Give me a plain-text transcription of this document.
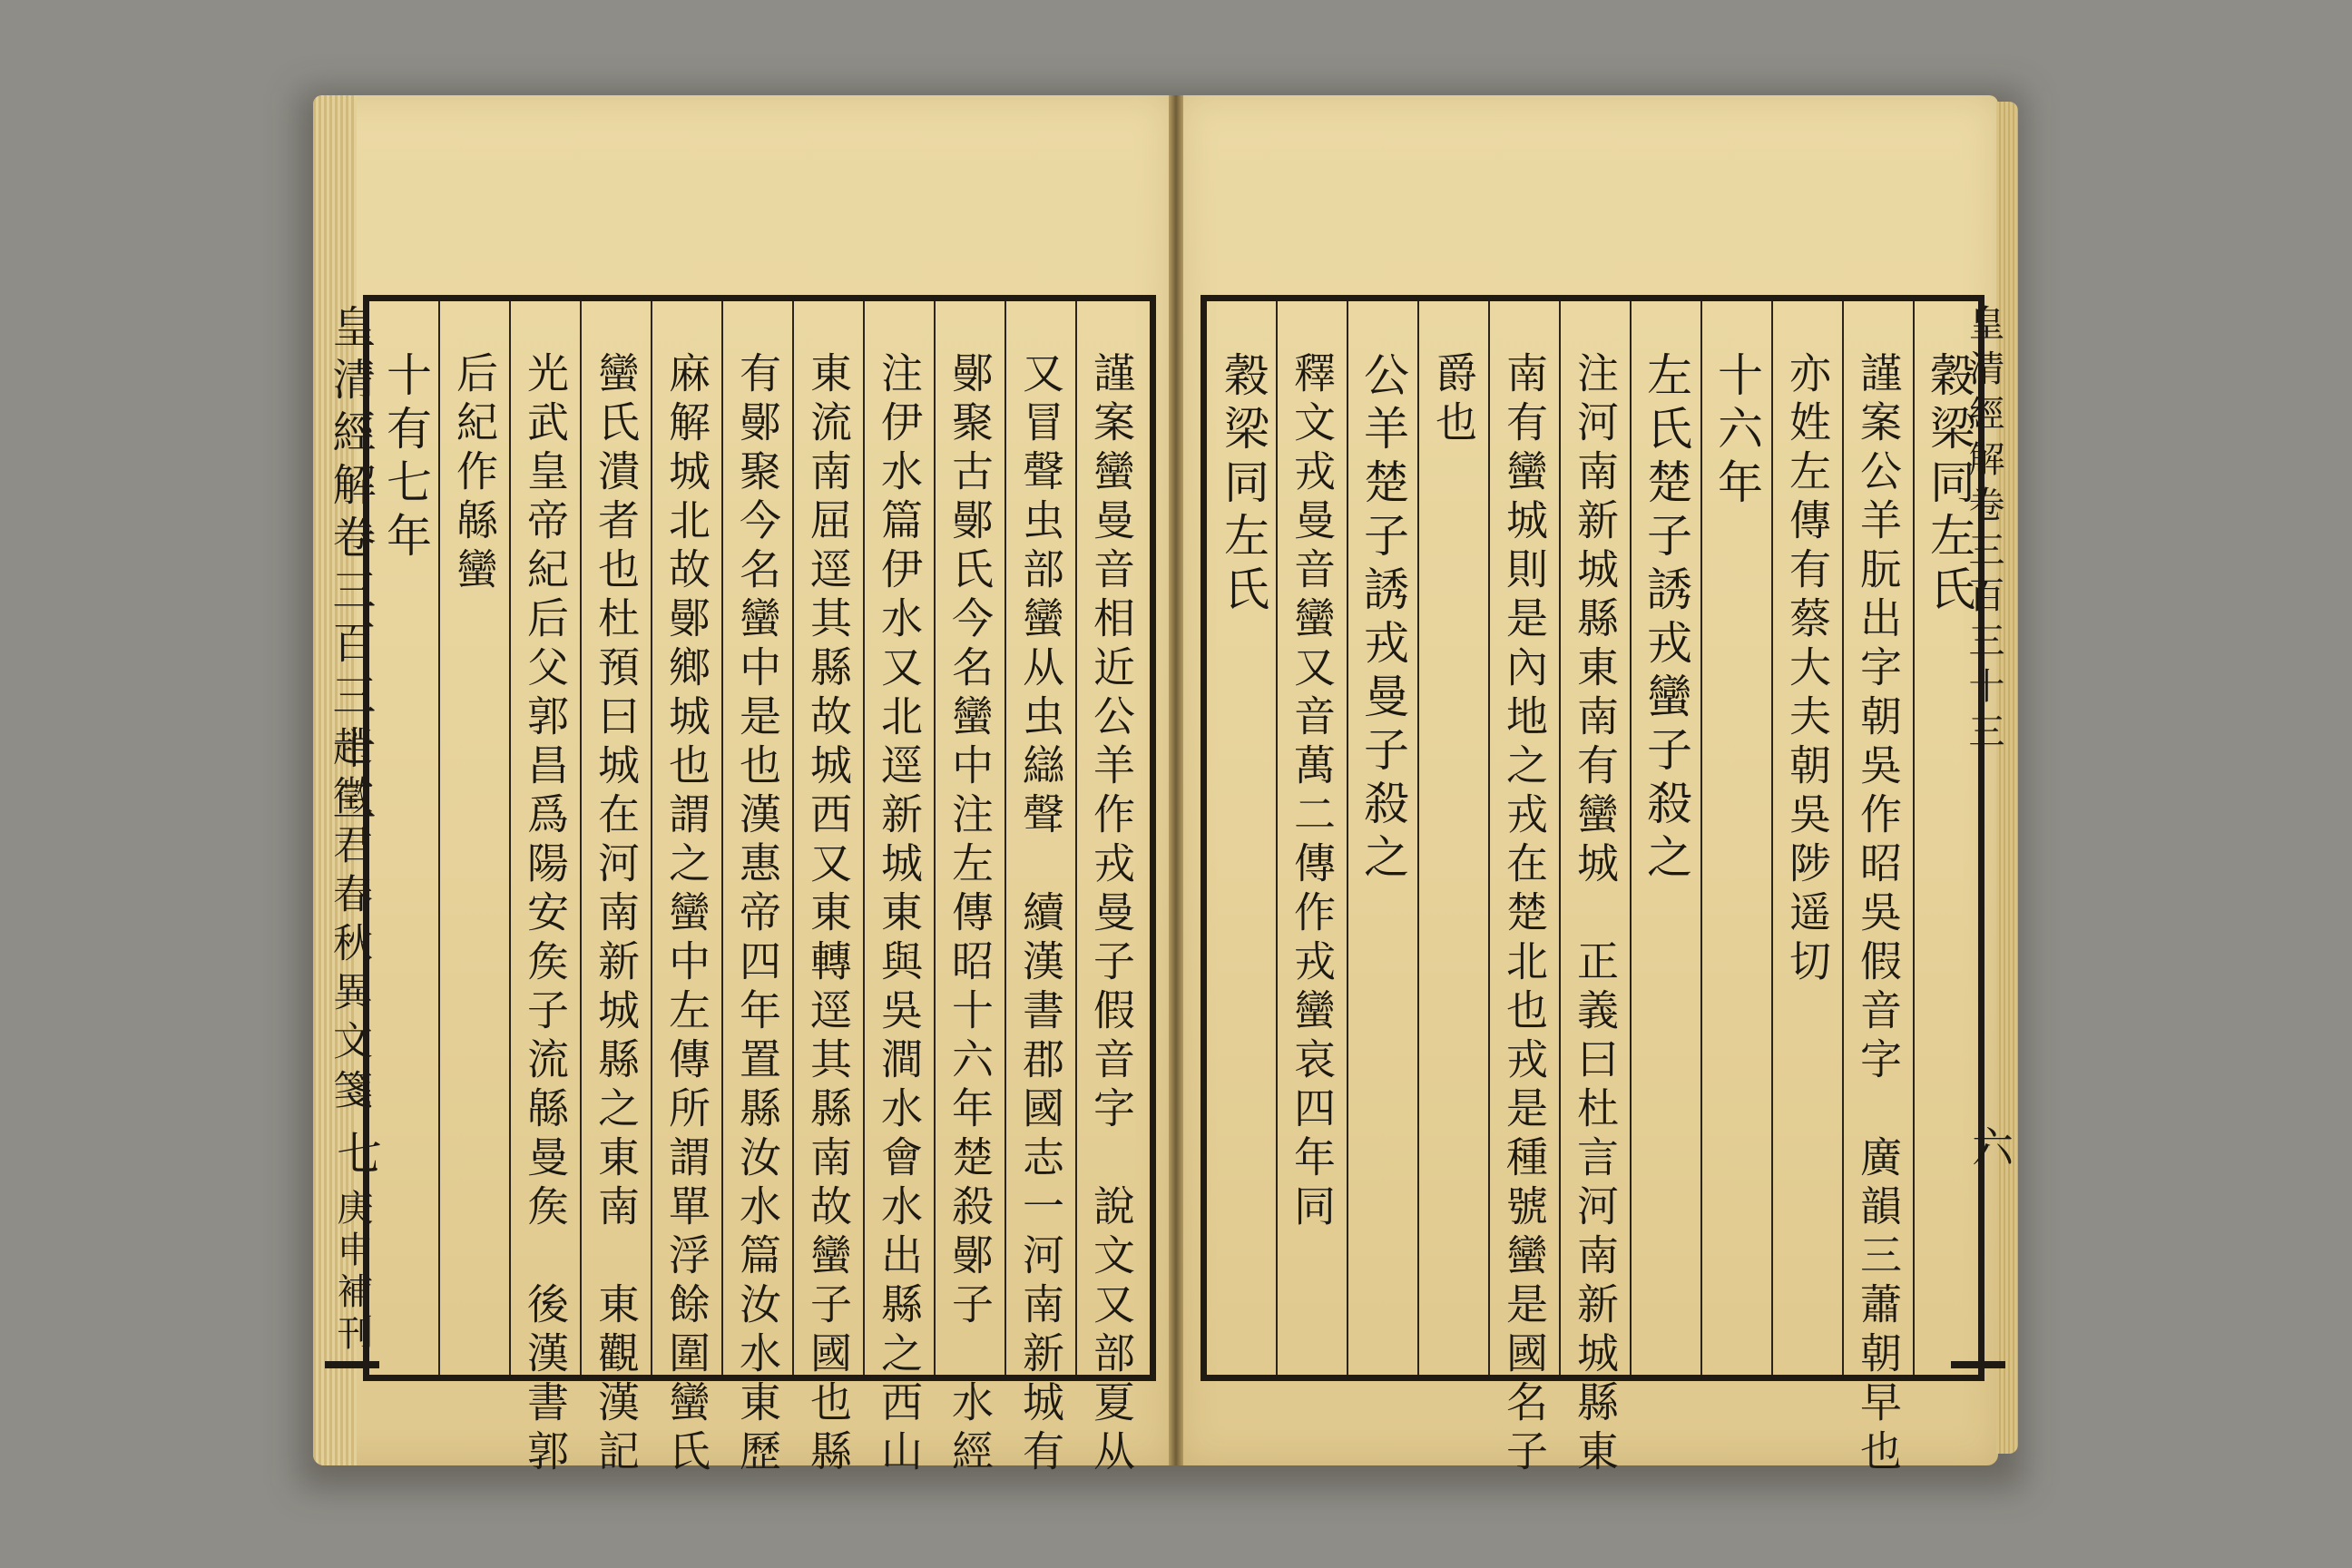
皇清經解卷三百三十三
趙徵君春秋異文箋
七
庚申補刊	謹案蠻曼音相近公羊作戎曼子假音字　說文又部夏从
又冒聲虫部蠻从虫䜌聲　續漢書郡國志一河南新城有
鄤聚古鄤氏今名蠻中注左傳昭十六年楚殺鄤子　水經
注伊水篇伊水又北逕新城東與吳澗水會水出縣之西山
東流南屈逕其縣故城西又東轉逕其縣南故蠻子國也縣
有鄤聚今名蠻中是也漢惠帝四年置縣汝水篇汝水東歷
麻解城北故鄤鄉城也謂之蠻中左傳所謂單浮餘圍蠻氏
蠻氏潰者也杜預曰城在河南新城縣之東南　東觀漢記
光武皇帝紀后父郭昌爲陽安矦子流緜曼矦　後漢書郭
后紀作緜蠻
十有七年	穀梁同左氏
謹案公羊朊出字朝吳作昭吳假音字　廣韻三蕭朝早也
亦姓左傳有蔡大夫朝吳陟遥切
十六年
左氏楚子誘戎蠻子殺之
注河南新城縣東南有蠻城　正義曰杜言河南新城縣東
南有蠻城則是內地之戎在楚北也戎是種號蠻是國名子
爵也
公羊楚子誘戎曼子殺之
釋文戎曼音蠻又音萬二傳作戎蠻哀四年同
穀梁同左氏	皇清經解卷三百三十三
六
